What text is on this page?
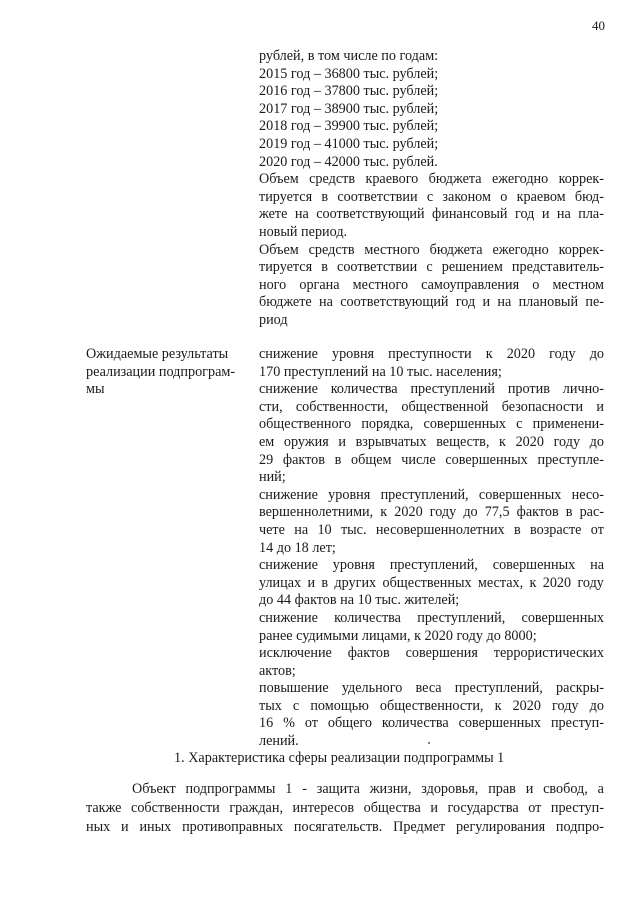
40
рублей, в том числе по годам:
2015 год – 36800 тыс. рублей;
2016 год – 37800 тыс. рублей;
2017 год – 38900 тыс. рублей;
2018 год – 39900 тыс. рублей;
2019 год – 41000 тыс. рублей;
2020 год – 42000 тыс. рублей.
Объем средств краевого бюджета ежегодно коррек-
тируется в соответствии с законом о краевом бюд-
жете на соответствующий финансовый год и на пла-
новый период.
Объем средств местного бюджета ежегодно коррек-
тируется в соответствии с решением представитель-
ного органа местного самоуправления о местном
бюджете на соответствующий год и на плановый пе-
риод
Ожидаемые результаты
реализации подпрограм-
мы
снижение уровня преступности к 2020 году до
170 преступлений на 10 тыс. населения;
снижение количества преступлений против лично-
сти, собственности, общественной безопасности и
общественного порядка, совершенных с применени-
ем оружия и взрывчатых веществ, к 2020 году до
29 фактов в общем числе совершенных преступле-
ний;
снижение уровня преступлений, совершенных несо-
вершеннолетними, к 2020 году до 77,5 фактов в рас-
чете на 10 тыс. несовершеннолетних в возрасте от
14 до 18 лет;
снижение уровня преступлений, совершенных на
улицах и в других общественных местах, к 2020 году
до 44 фактов на 10 тыс. жителей;
снижение количества преступлений, совершенных
ранее судимыми лицами, к 2020 году до 8000;
исключение фактов совершения террористических
актов;
повышение удельного веса преступлений, раскры-
тых с помощью общественности, к 2020 году до
16 % от общего количества совершенных преступ-
лений.
1. Характеристика сферы реализации подпрограммы 1
Объект подпрограммы 1 - защита жизни, здоровья, прав и свобод, а
также собственности граждан, интересов общества и государства от преступ-
ных и иных противоправных посягательств. Предмет регулирования подпро-
